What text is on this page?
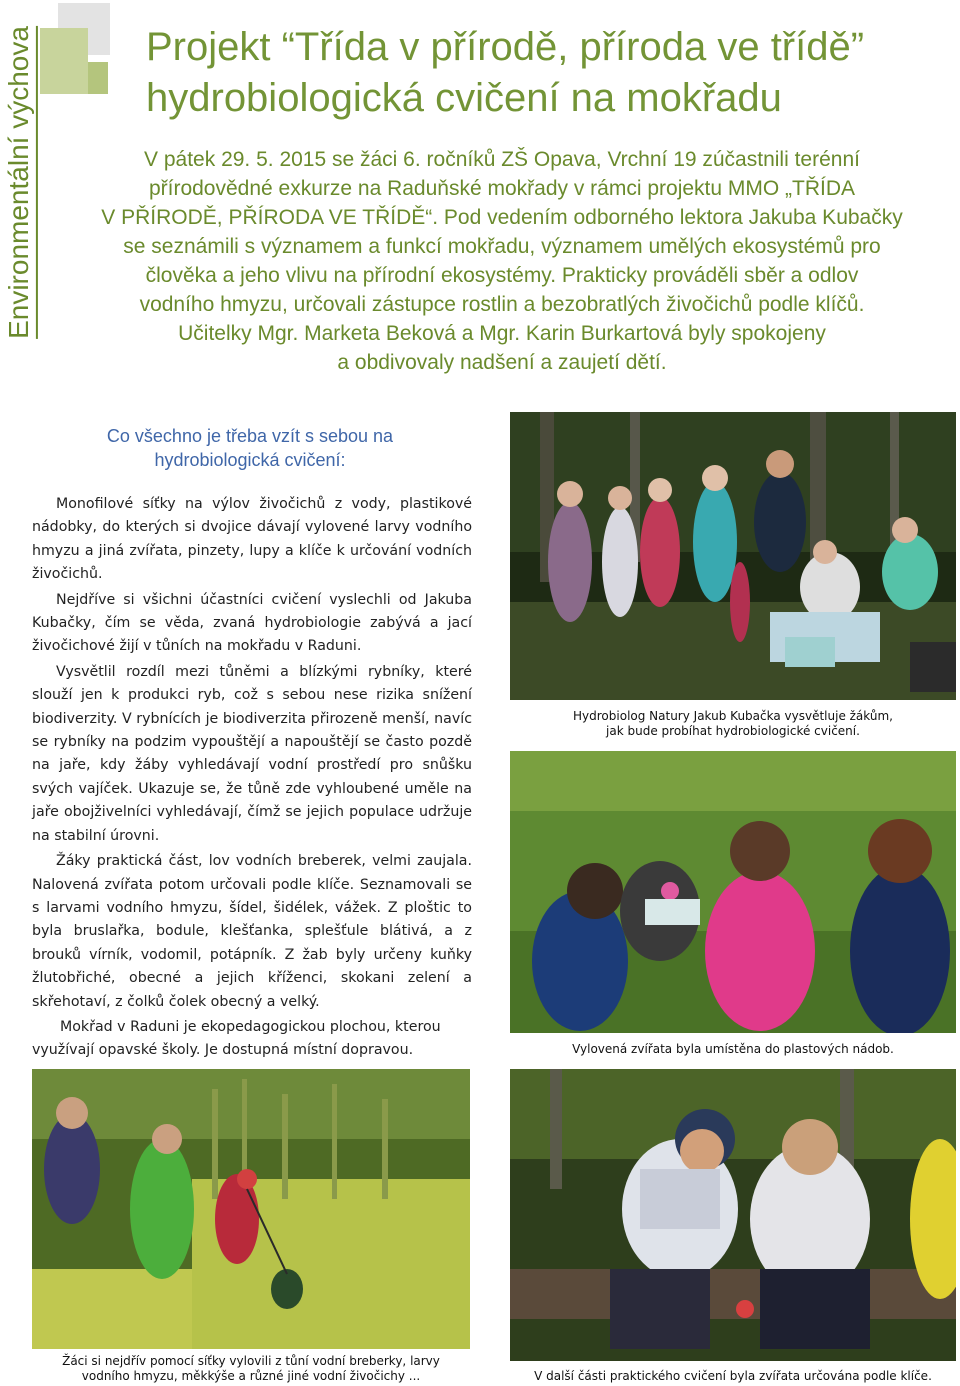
Environmentální výchova	Projekt “Třída v přírodě, příroda ve třídě”
hydrobiologická cvičení na mokřadu
V pátek 29. 5. 2015 se žáci 6. ročníků ZŠ Opava, Vrchní 19 zúčastnili terénní
přírodovědné exkurze na Raduňské mokřady v rámci projektu MMO „TŘÍDA
V PŘÍRODĚ, PŘÍRODA VE TŘÍDĚ“. Pod vedením odborného lektora Jakuba Kubačky
se seznámili s významem a funkcí mokřadu, významem umělých ekosystémů pro
člověka a jeho vlivu na přírodní ekosystémy. Prakticky prováděli sběr a odlov
vodního hmyzu, určovali zástupce rostlin a bezobratlých živočichů podle klíčů.
Učitelky Mgr. Marketa Beková a Mgr. Karin Burkartová byly spokojeny
a obdivovaly nadšení a zaujetí dětí.
Co všechno je třeba vzít s sebou na
hydrobiologická cvičení:

Monofilové síťky na výlov živočichů z vody, plastikové nádobky, do kterých si dvojice dávají vylovené larvy vodního hmyzu a jiná zvířata, pinzety, lupy a klíče k určování vodních živočichů.

Nejdříve si všichni účastníci cvičení vyslechli od Jakuba Kubačky, čím se věda, zvaná hydrobiologie zabývá a jací živočichové žijí v tůních na mokřadu v Raduni.

Vysvětlil rozdíl mezi tůněmi a blízkými rybníky, které slouží jen k produkci ryb, což s sebou nese rizika snížení biodiverzity. V rybnících je biodiverzita přirozeně menší, navíc se rybníky na podzim vypouštějí a napouštějí se často pozdě na jaře, kdy žáby vyhledávají vodní prostředí pro snůšku svých vajíček. Ukazuje se, že tůně zde vyhloubené uměle na jaře obojživelníci vyhledávají, čímž se jejich populace udržuje na stabilní úrovni.

Žáky praktická část, lov vodních breberek, velmi zaujala. Nalovená zvířata potom určovali podle klíče. Seznamovali se s larvami vodního hmyzu, šídel, šidélek, vážek. Z ploštic to byla bruslařka, bodule, klešťanka, splešťule blátivá, a z brouků vírník, vodomil, potápník. Z žab byly určeny kuňky žlutobřiché, obecné a jejich kříženci, skokani zelení a skřehotaví, z čolků čolek obecný a velký.

Mokřad v Raduni je ekopedagogickou plochou, kterou využívají opavské školy. Je dostupná místní dopravou.

Hydrobiolog Natury Jakub Kubačka vysvětluje žákům,
jak bude probíhat hydrobiologické cvičení.
Vylovená zvířata byla umístěna do plastových nádob.
Žáci si nejdřív pomocí síťky vylovili z tůní vodní breberky, larvy
vodního hmyzu, měkkýše a různé jiné vodní živočichy ...	V další části praktického cvičení byla zvířata určována podle klíče.
